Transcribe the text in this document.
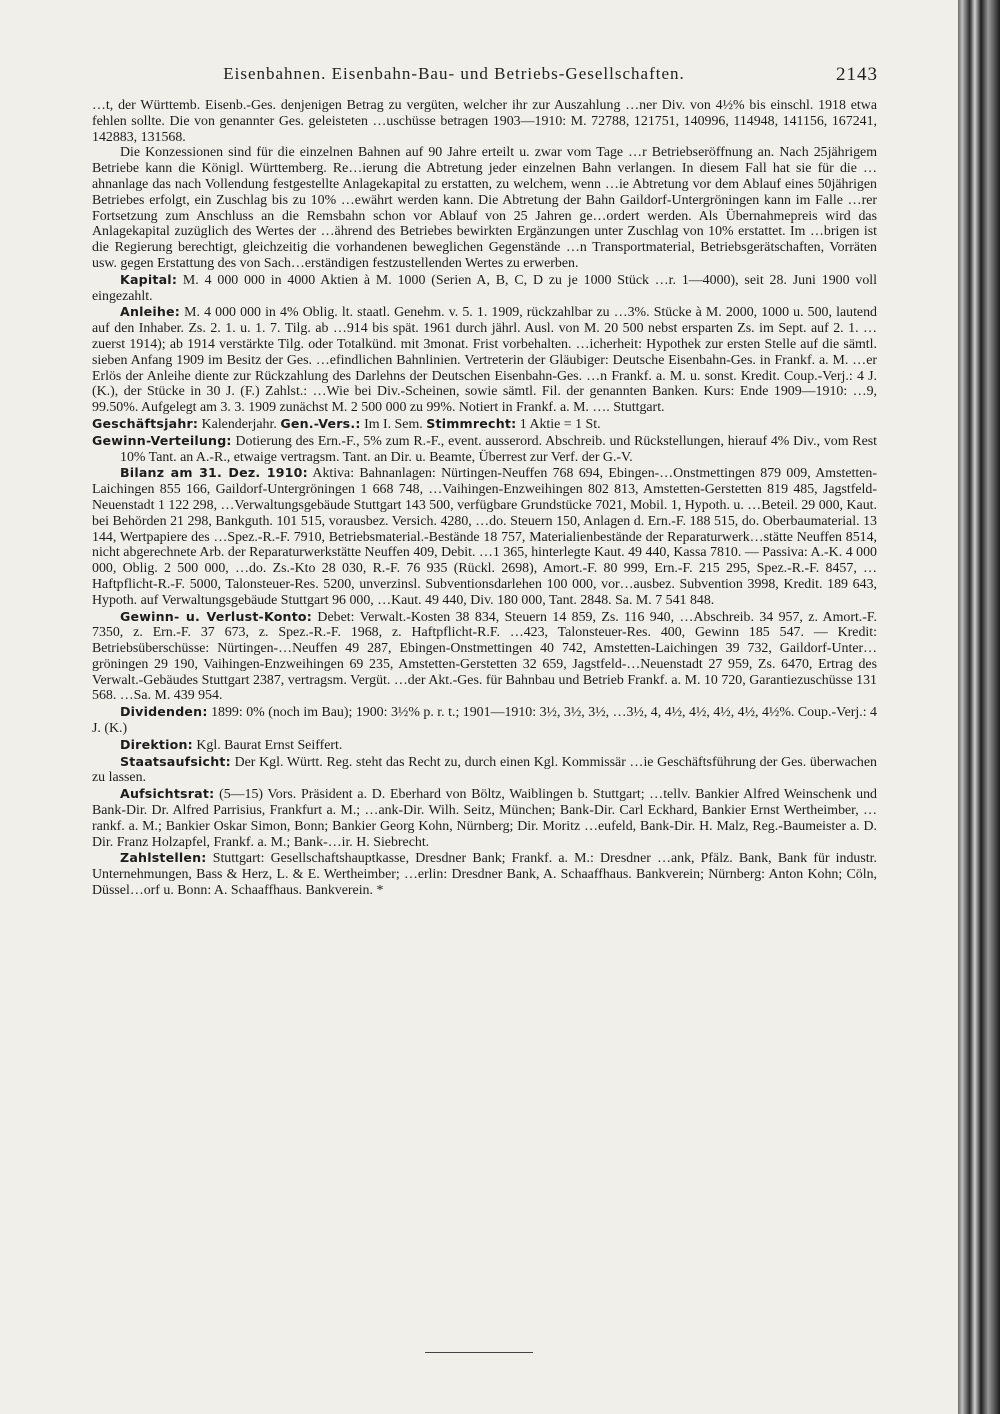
Eisenbahnen. Eisenbahn-Bau- und Betriebs-Gesellschaften.	2143

…t, der Württemb. Eisenb.-Ges. denjenigen Betrag zu vergüten, welcher ihr zur Auszahlung …ner Div. von 4½% bis einschl. 1918 etwa fehlen sollte. Die von genannter Ges. geleisteten …uschüsse betragen 1903—1910: M. 72788, 121751, 140996, 114948, 141156, 167241, 142883, 131568.

Die Konzessionen sind für die einzelnen Bahnen auf 90 Jahre erteilt u. zwar vom Tage …r Betriebseröffnung an. Nach 25jährigem Betriebe kann die Königl. Württemberg. Re…ierung die Abtretung jeder einzelnen Bahn verlangen. In diesem Fall hat sie für die …ahnanlage das nach Vollendung festgestellte Anlagekapital zu erstatten, zu welchem, wenn …ie Abtretung vor dem Ablauf eines 50jährigen Betriebes erfolgt, ein Zuschlag bis zu 10% …ewährt werden kann. Die Abtretung der Bahn Gaildorf-Untergröningen kann im Falle …rer Fortsetzung zum Anschluss an die Remsbahn schon vor Ablauf von 25 Jahren ge…ordert werden. Als Übernahmepreis wird das Anlagekapital zuzüglich des Wertes der …ährend des Betriebes bewirkten Ergänzungen unter Zuschlag von 10% erstattet. Im …brigen ist die Regierung berechtigt, gleichzeitig die vorhandenen beweglichen Gegenstände …n Transportmaterial, Betriebsgerätschaften, Vorräten usw. gegen Erstattung des von Sach…erständigen festzustellenden Wertes zu erwerben.

Kapital: M. 4 000 000 in 4000 Aktien à M. 1000 (Serien A, B, C, D zu je 1000 Stück …r. 1—4000), seit 28. Juni 1900 voll eingezahlt.

Anleihe: M. 4 000 000 in 4% Oblig. lt. staatl. Genehm. v. 5. 1. 1909, rückzahlbar zu …3%. Stücke à M. 2000, 1000 u. 500, lautend auf den Inhaber. Zs. 2. 1. u. 1. 7. Tilg. ab …914 bis spät. 1961 durch jährl. Ausl. von M. 20 500 nebst ersparten Zs. im Sept. auf 2. 1. …zuerst 1914); ab 1914 verstärkte Tilg. oder Totalkünd. mit 3monat. Frist vorbehalten. …icherheit: Hypothek zur ersten Stelle auf die sämtl. sieben Anfang 1909 im Besitz der Ges. …efindlichen Bahnlinien. Vertreterin der Gläubiger: Deutsche Eisenbahn-Ges. in Frankf. a. M. …er Erlös der Anleihe diente zur Rückzahlung des Darlehns der Deutschen Eisenbahn-Ges. …n Frankf. a. M. u. sonst. Kredit. Coup.-Verj.: 4 J. (K.), der Stücke in 30 J. (F.) Zahlst.: …Wie bei Div.-Scheinen, sowie sämtl. Fil. der genannten Banken. Kurs: Ende 1909—1910: …9, 99.50%. Aufgelegt am 3. 3. 1909 zunächst M. 2 500 000 zu 99%. Notiert in Frankf. a. M. …. Stuttgart.

Geschäftsjahr: Kalenderjahr. Gen.-Vers.: Im I. Sem. Stimmrecht: 1 Aktie = 1 St.

Gewinn-Verteilung: Dotierung des Ern.-F., 5% zum R.-F., event. ausserord. Abschreib. und Rückstellungen, hierauf 4% Div., vom Rest 10% Tant. an A.-R., etwaige vertragsm. Tant. an Dir. u. Beamte, Überrest zur Verf. der G.-V.

Bilanz am 31. Dez. 1910: Aktiva: Bahnanlagen: Nürtingen-Neuffen 768 694, Ebingen-…Onstmettingen 879 009, Amstetten-Laichingen 855 166, Gaildorf-Untergröningen 1 668 748, …Vaihingen-Enzweihingen 802 813, Amstetten-Gerstetten 819 485, Jagstfeld-Neuenstadt 1 122 298, …Verwaltungsgebäude Stuttgart 143 500, verfügbare Grundstücke 7021, Mobil. 1, Hypoth. u. …Beteil. 29 000, Kaut. bei Behörden 21 298, Bankguth. 101 515, vorausbez. Versich. 4280, …do. Steuern 150, Anlagen d. Ern.-F. 188 515, do. Oberbaumaterial. 13 144, Wertpapiere des …Spez.-R.-F. 7910, Betriebsmaterial.-Bestände 18 757, Materialienbestände der Reparaturwerk…stätte Neuffen 8514, nicht abgerechnete Arb. der Reparaturwerkstätte Neuffen 409, Debit. …1 365, hinterlegte Kaut. 49 440, Kassa 7810. — Passiva: A.-K. 4 000 000, Oblig. 2 500 000, …do. Zs.-Kto 28 030, R.-F. 76 935 (Rückl. 2698), Amort.-F. 80 999, Ern.-F. 215 295, Spez.-R.-F. 8457, …Haftpflicht-R.-F. 5000, Talonsteuer-Res. 5200, unverzinsl. Subventionsdarlehen 100 000, vor…ausbez. Subvention 3998, Kredit. 189 643, Hypoth. auf Verwaltungsgebäude Stuttgart 96 000, …Kaut. 49 440, Div. 180 000, Tant. 2848. Sa. M. 7 541 848.

Gewinn- u. Verlust-Konto: Debet: Verwalt.-Kosten 38 834, Steuern 14 859, Zs. 116 940, …Abschreib. 34 957, z. Amort.-F. 7350, z. Ern.-F. 37 673, z. Spez.-R.-F. 1968, z. Haftpflicht-R.F. …423, Talonsteuer-Res. 400, Gewinn 185 547. — Kredit: Betriebsüberschüsse: Nürtingen-…Neuffen 49 287, Ebingen-Onstmettingen 40 742, Amstetten-Laichingen 39 732, Gaildorf-Unter…gröningen 29 190, Vaihingen-Enzweihingen 69 235, Amstetten-Gerstetten 32 659, Jagstfeld-…Neuenstadt 27 959, Zs. 6470, Ertrag des Verwalt.-Gebäudes Stuttgart 2387, vertragsm. Vergüt. …der Akt.-Ges. für Bahnbau und Betrieb Frankf. a. M. 10 720, Garantiezuschüsse 131 568. …Sa. M. 439 954.

Dividenden: 1899: 0% (noch im Bau); 1900: 3½% p. r. t.; 1901—1910: 3½, 3½, 3½, …3½, 4, 4½, 4½, 4½, 4½, 4½%. Coup.-Verj.: 4 J. (K.)

Direktion: Kgl. Baurat Ernst Seiffert.

Staatsaufsicht: Der Kgl. Württ. Reg. steht das Recht zu, durch einen Kgl. Kommissär …ie Geschäftsführung der Ges. überwachen zu lassen.

Aufsichtsrat: (5—15) Vors. Präsident a. D. Eberhard von Böltz, Waiblingen b. Stuttgart; …tellv. Bankier Alfred Weinschenk und Bank-Dir. Dr. Alfred Parrisius, Frankfurt a. M.; …ank-Dir. Wilh. Seitz, München; Bank-Dir. Carl Eckhard, Bankier Ernst Wertheimber, …rankf. a. M.; Bankier Oskar Simon, Bonn; Bankier Georg Kohn, Nürnberg; Dir. Moritz …eufeld, Bank-Dir. H. Malz, Reg.-Baumeister a. D. Dir. Franz Holzapfel, Frankf. a. M.; Bank-…ir. H. Siebrecht.

Zahlstellen: Stuttgart: Gesellschaftshauptkasse, Dresdner Bank; Frankf. a. M.: Dresdner …ank, Pfälz. Bank, Bank für industr. Unternehmungen, Bass & Herz, L. & E. Wertheimber; …erlin: Dresdner Bank, A. Schaaffhaus. Bankverein; Nürnberg: Anton Kohn; Cöln, Düssel…orf u. Bonn: A. Schaaffhaus. Bankverein. *
